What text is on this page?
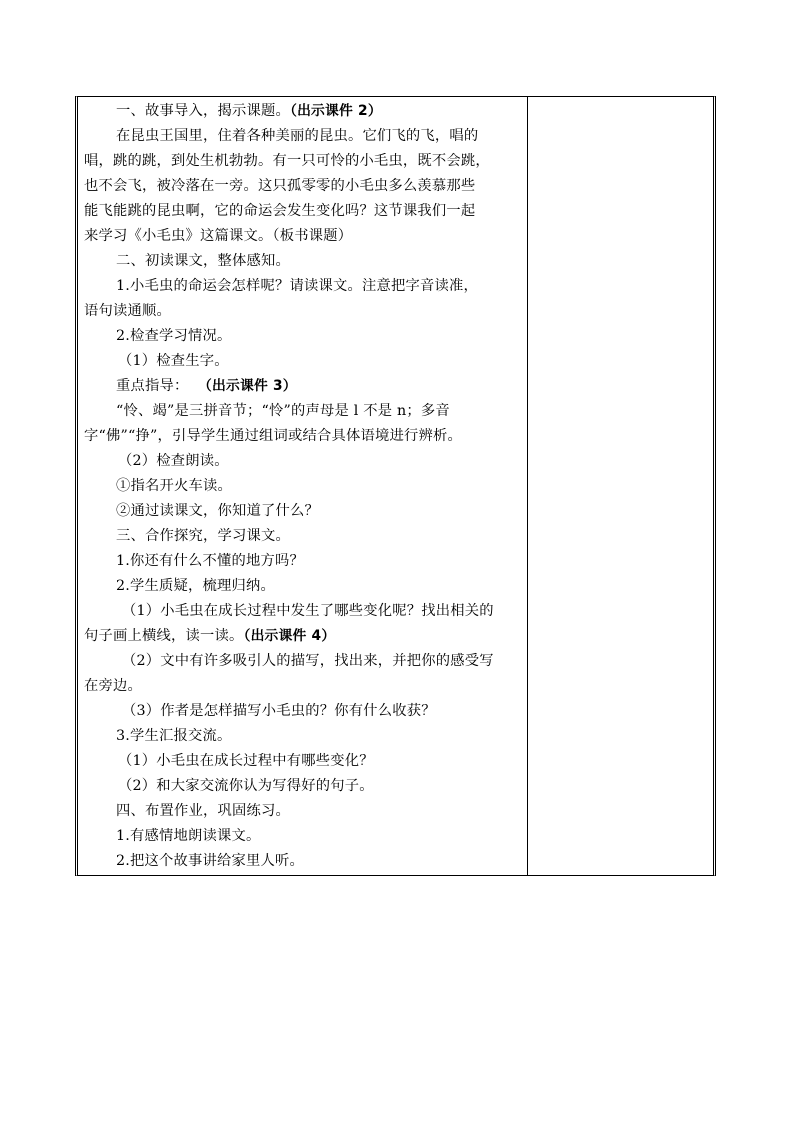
一、故事导入，揭示课题。（出示课件 2）
在昆虫王国里，住着各种美丽的昆虫。它们飞的飞，唱的
唱，跳的跳，到处生机勃勃。有一只可怜的小毛虫，既不会跳，
也不会飞，被冷落在一旁。这只孤零零的小毛虫多么羡慕那些
能飞能跳的昆虫啊，它的命运会发生变化吗？这节课我们一起
来学习《小毛虫》这篇课文。（板书课题）
二、初读课文，整体感知。
1.小毛虫的命运会怎样呢？请读课文。注意把字音读准，
语句读通顺。
2.检查学习情况。
（1）检查生字。
重点指导： （出示课件 3）
“怜、竭”是三拼音节；“怜”的声母是 l 不是 n；多音
字“佛”“挣”，引导学生通过组词或结合具体语境进行辨析。
（2）检查朗读。
①指名开火车读。
②通过读课文，你知道了什么？
三、合作探究，学习课文。
1.你还有什么不懂的地方吗？
2.学生质疑，梳理归纳。
（1）小毛虫在成长过程中发生了哪些变化呢？找出相关的
句子画上横线，读一读。（出示课件 4）
（2）文中有许多吸引人的描写，找出来，并把你的感受写
在旁边。
（3）作者是怎样描写小毛虫的？你有什么收获？
3.学生汇报交流。
（1）小毛虫在成长过程中有哪些变化？
（2）和大家交流你认为写得好的句子。
四、布置作业，巩固练习。
1.有感情地朗读课文。
2.把这个故事讲给家里人听。
